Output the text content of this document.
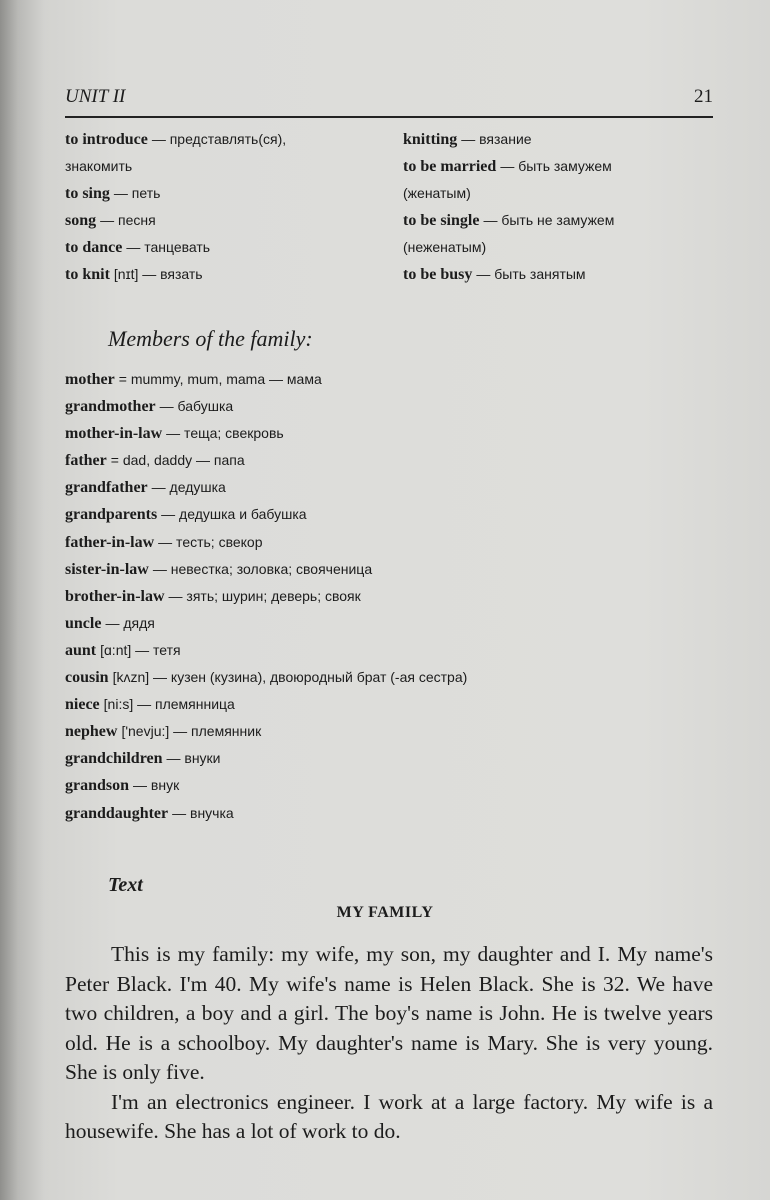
UNIT II	21
to introduce — представлять(ся),
знакомить
to sing — петь
song — песня
to dance — танцевать
to knit [nɪt] — вязать
knitting — вязание
to be married — быть замужем
(женатым)
to be single — быть не замужем
(неженатым)
to be busy — быть занятым
Members of the family:
mother = mummy, mum, mama — мама
grandmother — бабушка
mother-in-law — теща; свекровь
father = dad, daddy — папа
grandfather — дедушка
grandparents — дедушка и бабушка
father-in-law — тесть; свекор
sister-in-law — невестка; золовка; свояченица
brother-in-law — зять; шурин; деверь; свояк
uncle — дядя
aunt [ɑ:nt] — тетя
cousin [kʌzn] — кузен (кузина), двоюродный брат (-ая сестра)
niece [ni:s] — племянница
nephew ['nevju:] — племянник
grandchildren — внуки
grandson — внук
granddaughter — внучка
Text
MY FAMILY

This is my family: my wife, my son, my daughter and I. My name's Peter Black. I'm 40. My wife's name is Helen Black. She is 32. We have two children, a boy and a girl. The boy's name is John. He is twelve years old. He is a schoolboy. My daughter's name is Mary. She is very young. She is only five.

I'm an electronics engineer. I work at a large factory. My wife is a housewife. She has a lot of work to do.
